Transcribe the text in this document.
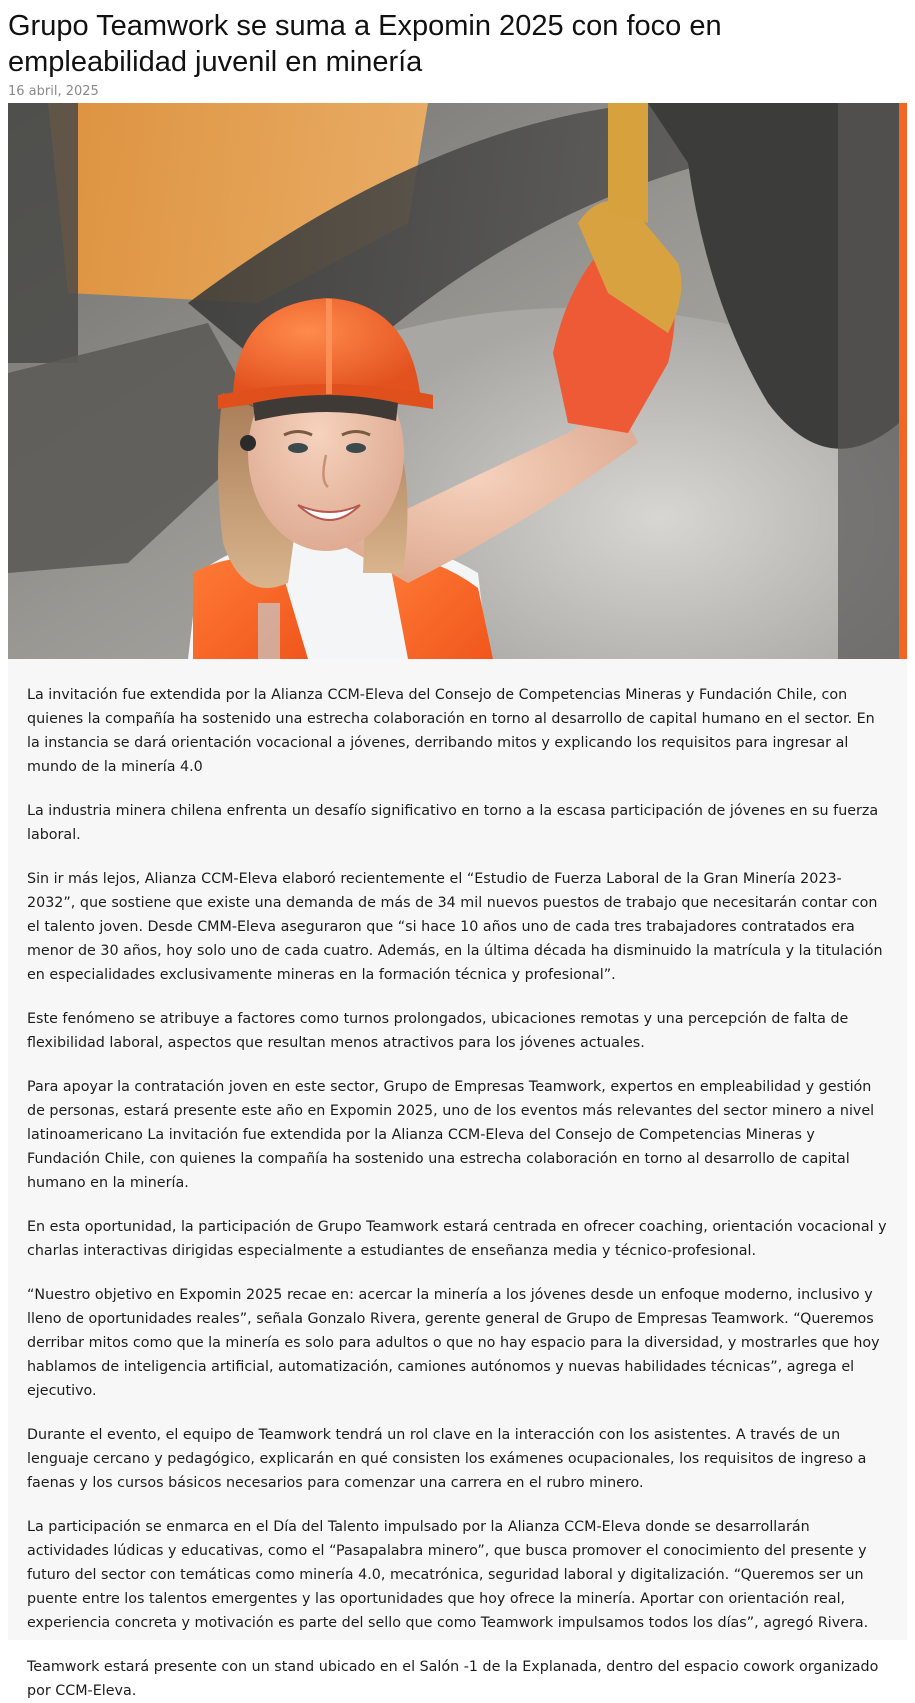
Grupo Teamwork se suma a Expomin 2025 con foco en empleabilidad juvenil en minería
16 abril, 2025

La invitación fue extendida por la Alianza CCM-Eleva del Consejo de Competencias Mineras y Fundación Chile, con quienes la compañía ha sostenido una estrecha colaboración en torno al desarrollo de capital humano en el sector. En la instancia se dará orientación vocacional a jóvenes, derribando mitos y explicando los requisitos para ingresar al mundo de la minería 4.0

La industria minera chilena enfrenta un desafío significativo en torno a la escasa participación de jóvenes en su fuerza laboral.

Sin ir más lejos, Alianza CCM-Eleva elaboró recientemente el “Estudio de Fuerza Laboral de la Gran Minería 2023-2032”, que sostiene que existe una demanda de más de 34 mil nuevos puestos de trabajo que necesitarán contar con el talento joven. Desde CMM-Eleva aseguraron que “si hace 10 años uno de cada tres trabajadores contratados era menor de 30 años, hoy solo uno de cada cuatro. Además, en la última década ha disminuido la matrícula y la titulación en especialidades exclusivamente mineras en la formación técnica y profesional”.

Este fenómeno se atribuye a factores como turnos prolongados, ubicaciones remotas y una percepción de falta de flexibilidad laboral, aspectos que resultan menos atractivos para los jóvenes actuales.

Para apoyar la contratación joven en este sector, Grupo de Empresas Teamwork, expertos en empleabilidad y gestión de personas, estará presente este año en Expomin 2025, uno de los eventos más relevantes del sector minero a nivel latinoamericano La invitación fue extendida por la Alianza CCM-Eleva del Consejo de Competencias Mineras y Fundación Chile, con quienes la compañía ha sostenido una estrecha colaboración en torno al desarrollo de capital humano en la minería.

En esta oportunidad, la participación de Grupo Teamwork estará centrada en ofrecer coaching, orientación vocacional y charlas interactivas dirigidas especialmente a estudiantes de enseñanza media y técnico-profesional.

“Nuestro objetivo en Expomin 2025 recae en: acercar la minería a los jóvenes desde un enfoque moderno, inclusivo y lleno de oportunidades reales”, señala Gonzalo Rivera, gerente general de Grupo de Empresas Teamwork. “Queremos derribar mitos como que la minería es solo para adultos o que no hay espacio para la diversidad, y mostrarles que hoy hablamos de inteligencia artificial, automatización, camiones autónomos y nuevas habilidades técnicas”, agrega el ejecutivo.

Durante el evento, el equipo de Teamwork tendrá un rol clave en la interacción con los asistentes. A través de un lenguaje cercano y pedagógico, explicarán en qué consisten los exámenes ocupacionales, los requisitos de ingreso a faenas y los cursos básicos necesarios para comenzar una carrera en el rubro minero.

La participación se enmarca en el Día del Talento impulsado por la Alianza CCM-Eleva donde se desarrollarán actividades lúdicas y educativas, como el “Pasapalabra minero”, que busca promover el conocimiento del presente y futuro del sector con temáticas como minería 4.0, mecatrónica, seguridad laboral y digitalización. “Queremos ser un puente entre los talentos emergentes y las oportunidades que hoy ofrece la minería. Aportar con orientación real, experiencia concreta y motivación es parte del sello que como Teamwork impulsamos todos los días”, agregó Rivera.

Teamwork estará presente con un stand ubicado en el Salón -1 de la Explanada, dentro del espacio cowork organizado por CCM-Eleva.
